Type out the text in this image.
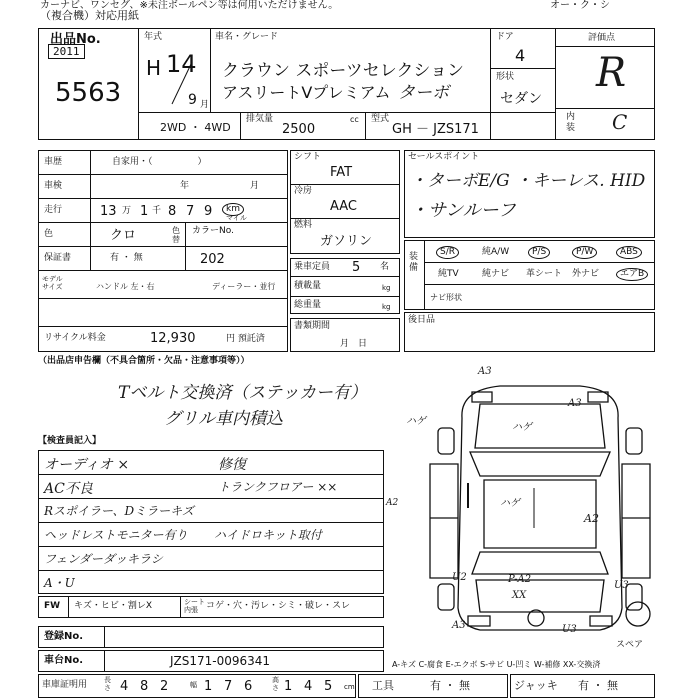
カーナビ、ワンセグ、※未注ボールペン等は何用いただけません。
（複合機）対応用紙
オー・ク・シ
出品No.
2011
5563
年式
H 14
9 月
車名・グレード
クラウン スポーツセレクション
アスリートVプレミアム ターボ
ドア
4
形状
セダン
評価点
R
内装 C
2WD ・ 4WD
排気量	cc
2500
型式
GH － JZS171
車歴	自家用・（　　　　　）
車検	年	月
走行	13 万 1 千 8 7 9	km
マイル
色	クロ	色替
カラーNo.
202
保証書	有 ・ 無
モデル
サイズ	ハンドル 左・右	ディーラー・並行
リサイクル料金	12,930	円 預託済
シフト
FAT
冷房
AAC
燃料
ガソリン
乗車定員 5 名
積載量	kg
総重量	kg
書類期間
月　日
セールスポイント
・ターボE/G ・キーレス. HID
・サンルーフ
装備
S/R	純A/W	P/S	P/W	ABS
純TV	純ナビ 革シート 外ナビ	エアB
ナビ形状
後日品
（出品店申告欄（不具合箇所・欠品・注意事項等））
Tベルト交換済（ステッカー有）
グリル車内積込
【検査員記入】
オーディオ ×	修復
AC不良	トランクフロアー ××
Rスポイラー、Dミラーキズ
ヘッドレストモニター有り ハイドロキット取付
フェンダーダッキラシ
A・U
FW キズ・ヒビ・割レX	シート
内張 コゲ・穴・汚レ・シミ・破レ・スレ
A3
ハゲ
ハゲ
A2
A2
U2	P-A2
XX
A3
U3
U3
A3
ハゲ
スペア
登録No.
車台No.	JZS171-0096341	A-キズ C-腐食 E-エクボ S-サビ U-凹ミ W-補修 XX-交換済
車庫証明用 長さ 4 8 2	幅 1 7 6	高さ 1 4 5 cm 工具	有 ・ 無	ジャッキ 有 ・ 無
